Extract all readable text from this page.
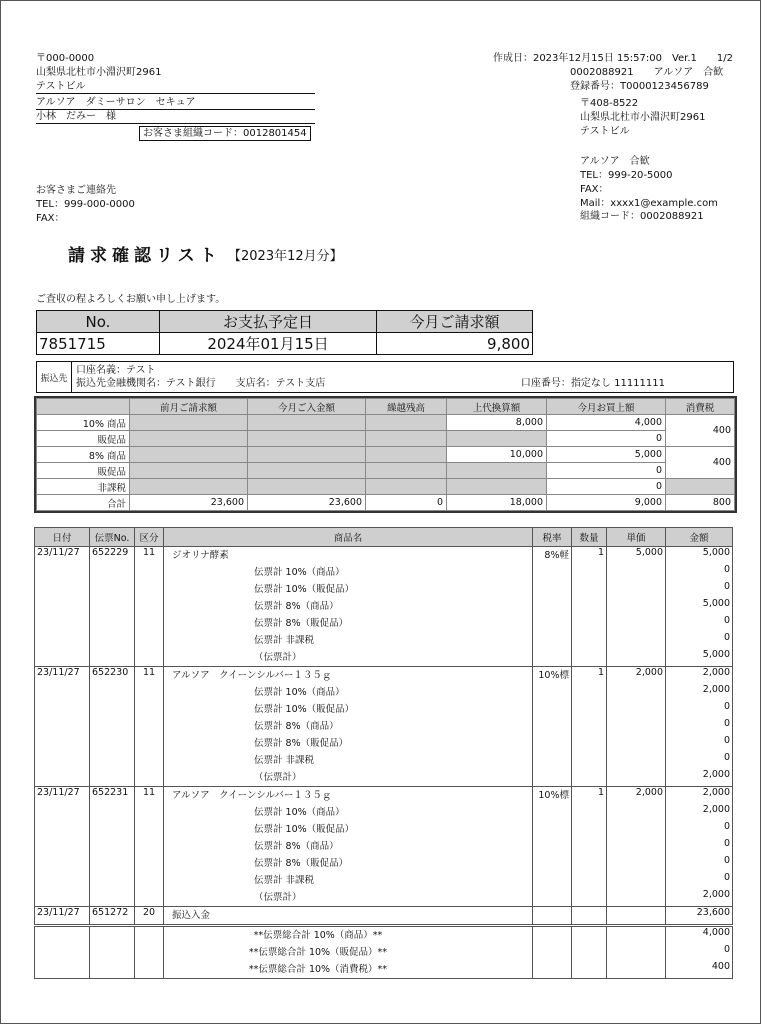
〒000-0000
山梨県北杜市小淵沢町2961
テストビル
アルソア　ダミーサロン　セキュア
小林　だみー　様
お客さま組織コード：0012801454
お客さまご連絡先
TEL：999-000-0000
FAX：
作成日：2023年12月15日 15:57:00　Ver.1　　1/2
0002088921　　アルソア　合歓
登録番号：T0000123456789
〒408-8522
山梨県北杜市小淵沢町2961
テストビル
アルソア　合歓
TEL：999-20-5000
FAX：
Mail：xxxx1@example.com
組織コード：0002088921
請求確認リスト 【2023年12月分】
ご査収の程よろしくお願い申し上げます。
No.	お支払予定日	今月ご請求額
7851715	2024年01月15日	9,800
振込先
口座名義：テスト
振込先金融機関名：テスト銀行　　支店名：テスト支店	口座番号：指定なし 11111111
	前月ご請求額	今月ご入金額	繰越残高	上代換算額	今月お買上額	消費税
10% 商品				8,000	4,000	400
販促品					0	
8% 商品				10,000	5,000	400
販促品					0	
非課税					0	
合計	23,600	23,600	0	18,000	9,000	800
日付	伝票No.	区分	商品名	税率	数量	単価	金額
23/11/27	652229	11	ジオリナ酵素	8%軽	1	5,000	5,000
			伝票計 10%（商品）				0
			伝票計 10%（販促品）				0
			伝票計 8%（商品）				5,000
			伝票計 8%（販促品）				0
			伝票計 非課税				0
			（伝票計）				5,000
23/11/27	652230	11	アルソア　クイーンシルバー１３５ｇ	10%標	1	2,000	2,000
			伝票計 10%（商品）				2,000
			伝票計 10%（販促品）				0
			伝票計 8%（商品）				0
			伝票計 8%（販促品）				0
			伝票計 非課税				0
			（伝票計）				2,000
23/11/27	652231	11	アルソア　クイーンシルバー１３５ｇ	10%標	1	2,000	2,000
			伝票計 10%（商品）				2,000
			伝票計 10%（販促品）				0
			伝票計 8%（商品）				0
			伝票計 8%（販促品）				0
			伝票計 非課税				0
			（伝票計）				2,000
23/11/27	651272	20	振込入金				23,600
			**伝票総合計 10%（商品）**				4,000
			**伝票総合計 10%（販促品）**				0
			**伝票総合計 10%（消費税）**				400
